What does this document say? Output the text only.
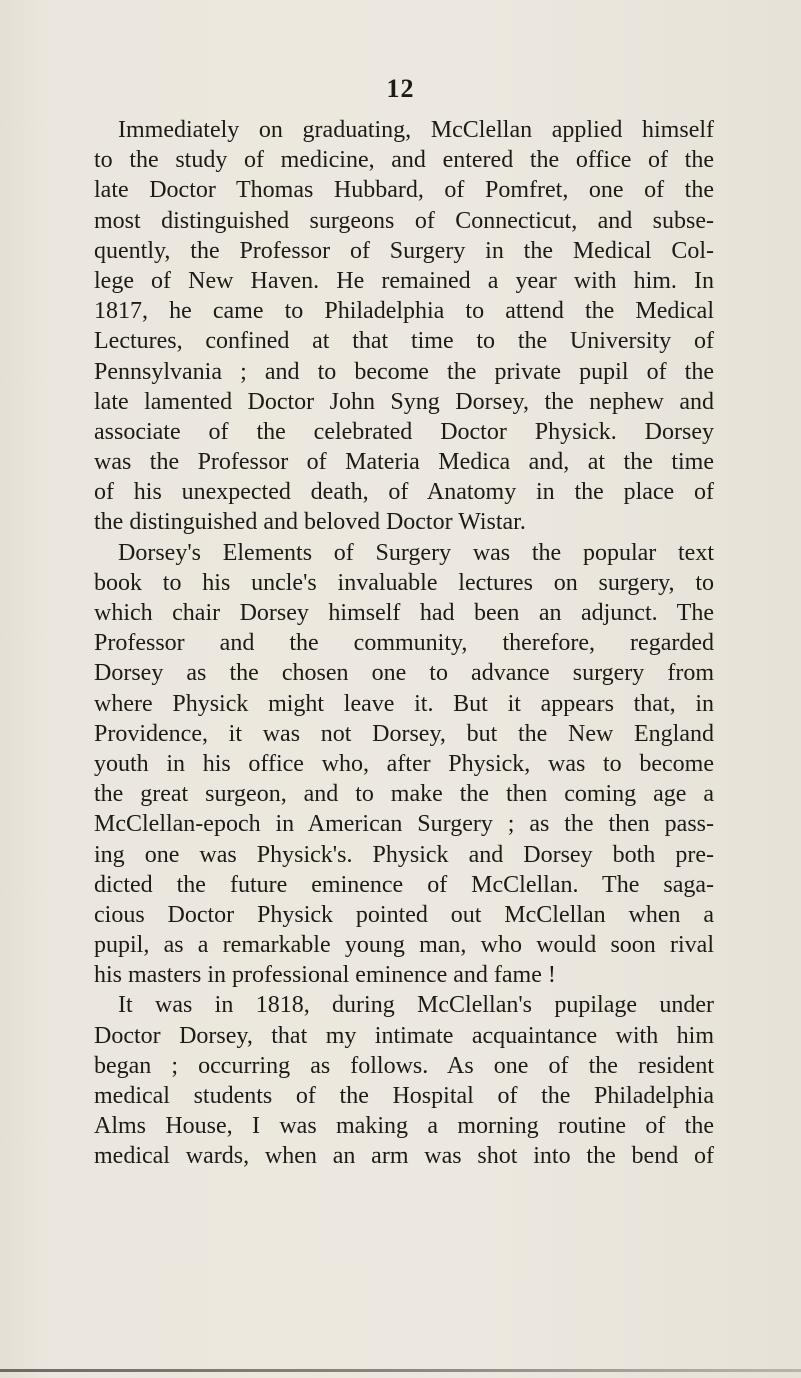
12
Immediately on graduating, McClellan applied himself
to the study of medicine, and entered the office of the
late Doctor Thomas Hubbard, of Pomfret, one of the
most distinguished surgeons of Connecticut, and subse-
quently, the Professor of Surgery in the Medical Col-
lege of New Haven. He remained a year with him. In
1817, he came to Philadelphia to attend the Medical
Lectures, confined at that time to the University of
Pennsylvania ; and to become the private pupil of the
late lamented Doctor John Syng Dorsey, the nephew and
associate of the celebrated Doctor Physick. Dorsey
was the Professor of Materia Medica and, at the time
of his unexpected death, of Anatomy in the place of
the distinguished and beloved Doctor Wistar.
Dorsey's Elements of Surgery was the popular text
book to his uncle's invaluable lectures on surgery, to
which chair Dorsey himself had been an adjunct. The
Professor and the community, therefore, regarded
Dorsey as the chosen one to advance surgery from
where Physick might leave it. But it appears that, in
Providence, it was not Dorsey, but the New England
youth in his office who, after Physick, was to become
the great surgeon, and to make the then coming age a
McClellan-epoch in American Surgery ; as the then pass-
ing one was Physick's. Physick and Dorsey both pre-
dicted the future eminence of McClellan. The saga-
cious Doctor Physick pointed out McClellan when a
pupil, as a remarkable young man, who would soon rival
his masters in professional eminence and fame !
It was in 1818, during McClellan's pupilage under
Doctor Dorsey, that my intimate acquaintance with him
began ; occurring as follows. As one of the resident
medical students of the Hospital of the Philadelphia
Alms House, I was making a morning routine of the
medical wards, when an arm was shot into the bend of
